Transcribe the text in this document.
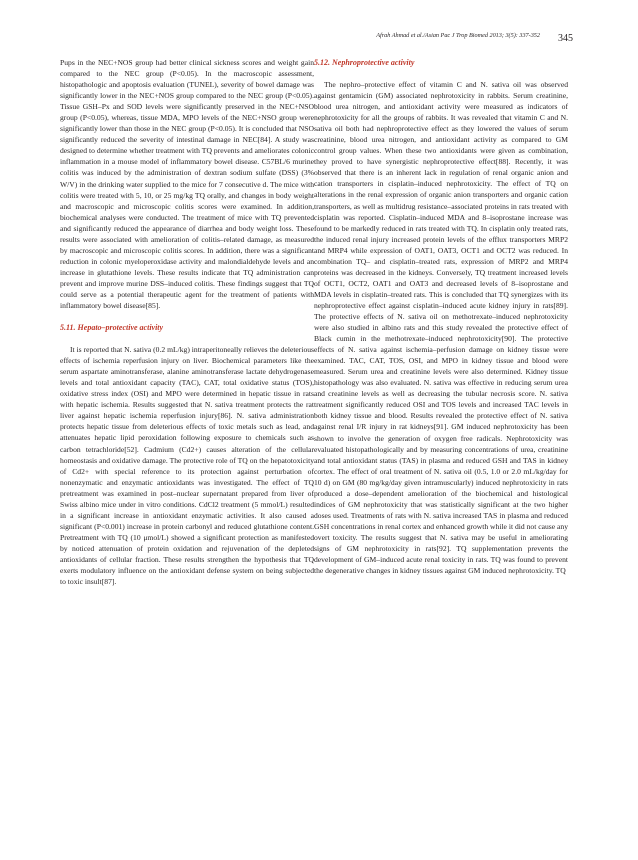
Afrah Ahmad et al./Asian Pac J Trop Biomed 2013; 3(5): 337-352 345

Pups in the NEC+NOS group had better clinical sickness scores and weight gain compared to the NEC group (P<0.05). In the macroscopic assessment, histopathologic and apoptosis evaluation (TUNEL), severity of bowel damage was significantly lower in the NEC+NOS group compared to the NEC group (P<0.05). Tissue GSH–Px and SOD levels were significantly preserved in the NEC+NSO group (P<0.05), whereas, tissue MDA, MPO levels of the NEC+NSO group were significantly lower than those in the NEC group (P<0.05). It is concluded that NSO significantly reduced the severity of intestinal damage in NEC[84]. A study was designed to determine whether treatment with TQ prevents and ameliorates colonic inflammation in a mouse model of inflammatory bowel disease. C57BL/6 murine colitis was induced by the administration of dextran sodium sulfate (DSS) (3% W/V) in the drinking water supplied to the mice for 7 consecutive d. The mice with colitis were treated with 5, 10, or 25 mg/kg TQ orally, and changes in body weight and macroscopic and microscopic colitis scores were examined. In addition, biochemical analyses were conducted. The treatment of mice with TQ prevented and significantly reduced the appearance of diarrhea and body weight loss. These results were associated with amelioration of colitis–related damage, as measured by macroscopic and microscopic colitis scores. In addition, there was a significant reduction in colonic myeloperoxidase activity and malondialdehyde levels and an increase in glutathione levels. These results indicate that TQ administration can prevent and improve murine DSS–induced colitis. These findings suggest that TQ could serve as a potential therapeutic agent for the treatment of patients with inflammatory bowel disease[85].

5.11. Hepato–protective activity

It is reported that N. sativa (0.2 mL/kg) intraperitoneally relieves the deleterious effects of ischemia reperfusion injury on liver. Biochemical parameters like the serum aspartate aminotransferase, alanine aminotransferase lactate dehydrogenase levels and total antioxidant capacity (TAC), CAT, total oxidative status (TOS), oxidative stress index (OSI) and MPO were determined in hepatic tissue in rats with hepatic ischemia. Results suggested that N. sativa treatment protects the rat liver against hepatic ischemia reperfusion injury[86]. N. sativa administration protects hepatic tissue from deleterious effects of toxic metals such as lead, and attenuates hepatic lipid peroxidation following exposure to chemicals such as carbon tetrachloride[52]. Cadmium (Cd2+) causes alteration of the cellular homeostasis and oxidative damage. The protective role of TQ on the hepatotoxicity of Cd2+ with special reference to its protection against perturbation of nonenzymatic and enzymatic antioxidants was investigated. The effect of TQ pretreatment was examined in post–nuclear supernatant prepared from liver of Swiss albino mice under in vitro conditions. CdCl2 treatment (5 mmol/L) resulted in a significant increase in antioxidant enzymatic activities. It also caused a significant (P<0.001) increase in protein carbonyl and reduced glutathione content. Pretreatment with TQ (10 μmol/L) showed a significant protection as manifested by noticed attenuation of protein oxidation and rejuvenation of the depleted antioxidants of cellular fraction. These results strengthen the hypothesis that TQ exerts modulatory influence on the antioxidant defense system on being subjected to toxic insult[87].

5.12. Nephroprotective activity

The nephro–protective effect of vitamin C and N. sativa oil was observed against gentamicin (GM) associated nephrotoxicity in rabbits. Serum creatinine, blood urea nitrogen, and antioxidant activity were measured as indicators of nephrotoxicity for all the groups of rabbits. It was revealed that vitamin C and N. sativa oil both had nephroprotective effect as they lowered the values of serum creatinine, blood urea nitrogen, and antioxidant activity as compared to GM control group values. When these two antioxidants were given as combination, they proved to have synergistic nephroprotective effect[88]. Recently, it was observed that there is an inherent lack in regulation of renal organic anion and cation transporters in cisplatin–induced nephrotoxicity. The effect of TQ on alterations in the renal expression of organic anion transporters and organic cation transporters, as well as multidrug resistance–associated proteins in rats treated with cisplatin was reported. Cisplatin–induced MDA and 8–isoprostane increase was found to be markedly reduced in rats treated with TQ. In cisplatin only treated rats, the induced renal injury increased protein levels of the efflux transporters MRP2 and MRP4 while expression of OAT1, OAT3, OCT1 and OCT2 was reduced. In combination TQ– and cisplatin–treated rats, expression of MRP2 and MRP4 proteins was decreased in the kidneys. Conversely, TQ treatment increased levels of OCT1, OCT2, OAT1 and OAT3 and decreased levels of 8–isoprostane and MDA levels in cisplatin–treated rats. This is concluded that TQ synergizes with its nephroprotective effect against cisplatin–induced acute kidney injury in rats[89]. The protective effects of N. sativa oil on methotrexate–induced nephrotoxicity were also studied in albino rats and this study revealed the protective effect of Black cumin in the methotrexate–induced nephrotoxicity[90]. The protective effects of N. sativa against ischemia–perfusion damage on kidney tissue were examined. TAC, CAT, TOS, OSI, and MPO in kidney tissue and blood were measured. Serum urea and creatinine levels were also determined. Kidney tissue histopathology was also evaluated. N. sativa was effective in reducing serum urea and creatinine levels as well as decreasing the tubular necrosis score. N. sativa treatment significantly reduced OSI and TOS levels and increased TAC levels in both kidney tissue and blood. Results revealed the protective effect of N. sativa against renal I/R injury in rat kidneys[91]. GM induced nephrotoxicity has been shown to involve the generation of oxygen free radicals. Nephrotoxicity was evaluated histopathologically and by measuring concentrations of urea, creatinine and total antioxidant status (TAS) in plasma and reduced GSH and TAS in kidney cortex. The effect of oral treatment of N. sativa oil (0.5, 1.0 or 2.0 mL/kg/day for 10 d) on GM (80 mg/kg/day given intramuscularly) induced nephrotoxicity in rats produced a dose–dependent amelioration of the biochemical and histological indices of GM nephrotoxicity that was statistically significant at the two higher doses used. Treatments of rats with N. sativa increased TAS in plasma and reduced GSH concentrations in renal cortex and enhanced growth while it did not cause any overt toxicity. The results suggest that N. sativa may be useful in ameliorating signs of GM nephrotoxicity in rats[92]. TQ supplementation prevents the development of GM–induced acute renal toxicity in rats. TQ was found to prevent the degenerative changes in kidney tissues against GM induced nephrotoxicity. TQ
